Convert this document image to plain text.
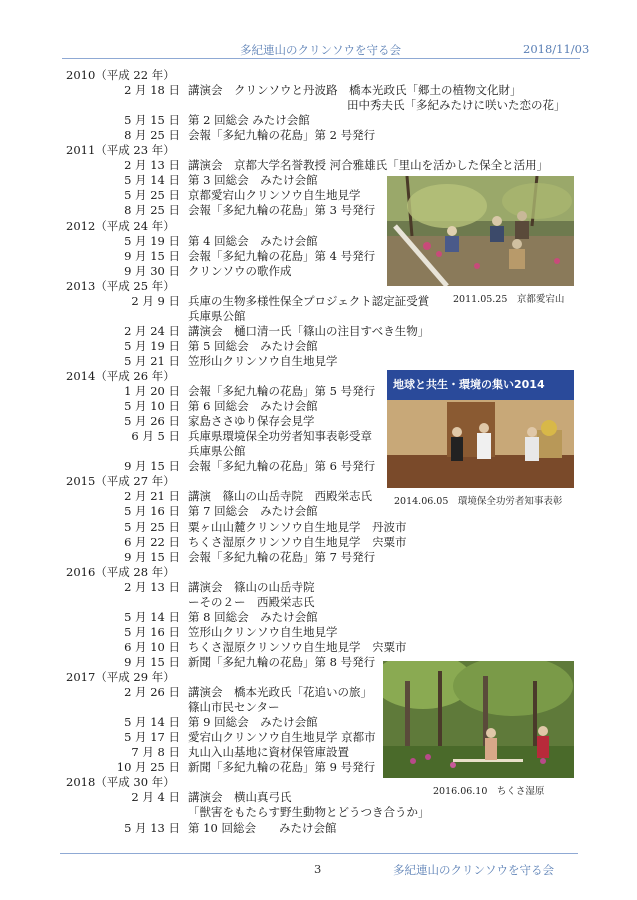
多紀連山のクリンソウを守る会	2018/11/03
2010（平成 22 年）
2 月 18 日 講演会　クリンソウと丹波路　橋本光政氏「郷土の植物文化財」
田中秀夫氏「多紀みたけに咲いた恋の花」
5 月 15 日 第 2 回総会 みたけ会館
8 月 25 日 会報「多紀九輪の花島」第 2 号発行
2011（平成 23 年）
2 月 13 日 講演会　京都大学名誉教授 河合雅雄氏「里山を活かした保全と活用」
5 月 14 日 第 3 回総会　みたけ会館
5 月 25 日 京都愛宕山クリンソウ自生地見学
8 月 25 日 会報「多紀九輪の花島」第 3 号発行
2012（平成 24 年）
5 月 19 日 第 4 回総会　みたけ会館
9 月 15 日 会報「多紀九輪の花島」第 4 号発行
9 月 30 日 クリンソウの歌作成
2013（平成 25 年）
2 月 9 日 兵庫の生物多様性保全プロジェクト認定証受賞
兵庫県公館
2 月 24 日 講演会　樋口清一氏「篠山の注目すべき生物」
5 月 19 日 第 5 回総会　みたけ会館
5 月 21 日 笠形山クリンソウ自生地見学
2014（平成 26 年）
1 月 20 日 会報「多紀九輪の花島」第 5 号発行
5 月 10 日 第 6 回総会　みたけ会館
5 月 26 日 家島ささゆり保存会見学
6 月 5 日 兵庫県環境保全功労者知事表彰受章
兵庫県公館
9 月 15 日 会報「多紀九輪の花島」第 6 号発行
2015（平成 27 年）
2 月 21 日 講演　篠山の山岳寺院　西殿栄志氏
5 月 16 日 第 7 回総会　みたけ会館
5 月 25 日 粟ヶ山山麓クリンソウ自生地見学　丹波市
6 月 22 日 ちくさ湿原クリンソウ自生地見学　宍粟市
9 月 15 日 会報「多紀九輪の花島」第 7 号発行
2016（平成 28 年）
2 月 13 日 講演会　篠山の山岳寺院
ーその２ー　西殿栄志氏
5 月 14 日 第 8 回総会　みたけ会館
5 月 16 日 笠形山クリンソウ自生地見学
6 月 10 日 ちくさ湿原クリンソウ自生地見学　宍粟市
9 月 15 日 新聞「多紀九輪の花島」第 8 号発行
2017（平成 29 年）
2 月 26 日 講演会　橋本光政氏「花追いの旅」
篠山市民センター
5 月 14 日 第 9 回総会　みたけ会館
5 月 17 日 愛宕山クリンソウ自生地見学 京都市
7 月 8 日 丸山入山基地に資材保管庫設置
10 月 25 日 新聞「多紀九輪の花島」第 9 号発行
2018（平成 30 年）
2 月 4 日 講演会　横山真弓氏
「獣害をもたらす野生動物とどうつき合うか」
5 月 13 日 第 10 回総会　　みたけ会館
2011.05.25　京都愛宕山
地球と共生・環境の集い2014
2014.06.05　環境保全功労者知事表彰
2016.06.10　ちくさ湿原
3	多紀連山のクリンソウを守る会
